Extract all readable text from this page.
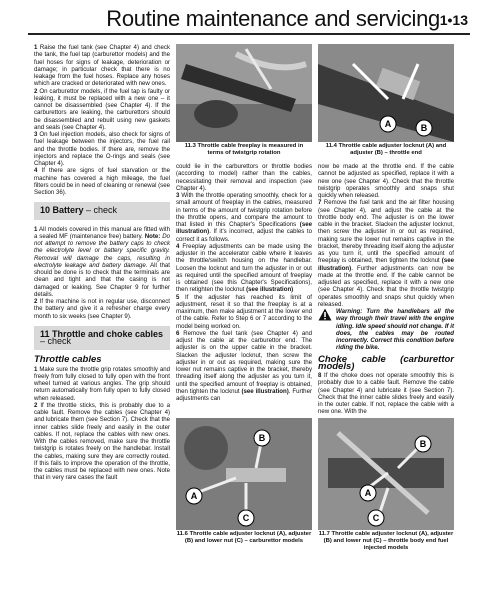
Routine maintenance and servicing 1•13

1 Raise the fuel tank (see Chapter 4) and check the tank, the fuel tap (carburettor models) and the fuel hoses for signs of leakage, deterioration or damage; in particular check that there is no leakage from the fuel hoses. Replace any hoses which are cracked or deteriorated with new ones.

2 On carburettor models, if the fuel tap is faulty or leaking, it must be replaced with a new one – it cannot be disassembled (see Chapter 4). If the carburettors are leaking, the carburettors should be disassembled and rebuilt using new gaskets and seals (see Chapter 4).

3 On fuel injection models, also check for signs of fuel leakage between the injectors, the fuel rail and the throttle bodies. If there are, remove the injectors and replace the O-rings and seals (see Chapter 4).

4 If there are signs of fuel starvation or the machine has covered a high mileage, the fuel filters could be in need of cleaning or renewal (see Section 36).

10 Battery – check

1 All models covered in this manual are fitted with a sealed MF (maintenance free) battery. Note: Do not attempt to remove the battery caps to check the electrolyte level or battery specific gravity. Removal will damage the caps, resulting in electrolyte leakage and battery damage. All that should be done is to check that the terminals are clean and tight and that the casing is not damaged or leaking. See Chapter 9 for further details.

2 If the machine is not in regular use, disconnect the battery and give it a refresher charge every month to six weeks (see Chapter 9).

11 Throttle and choke cables
– check
Throttle cables

1 Make sure the throttle grip rotates smoothly and freely from fully closed to fully open with the front wheel turned at various angles. The grip should return automatically from fully open to fully closed when released.

2 If the throttle sticks, this is probably due to a cable fault. Remove the cables (see Chapter 4) and lubricate them (see Section 7). Check that the inner cables slide freely and easily in the outer cables. If not, replace the cables with new ones. With the cables removed, make sure the throttle twistgrip is rotates freely on the handlebar. Install the cables, making sure they are correctly routed. If this fails to improve the operation of the throttle, the cables must be replaced with new ones. Note that in very rare cases the fault

11.3 Throttle cable freeplay is measured in terms of twistgrip rotation
A	B
11.4 Throttle cable adjuster locknut (A) and adjuster (B) – throttle end

could lie in the carburettors or throttle bodies (according to model) rather than the cables, necessitating their removal and inspection (see Chapter 4).

3 With the throttle operating smoothly, check for a small amount of freeplay in the cables, measured in terms of the amount of twistgrip rotation before the throttle opens, and compare the amount to that listed in this Chapter's Specifications (see illustration). If it's incorrect, adjust the cables to correct it as follows.

4 Freeplay adjustments can be made using the adjuster in the accelerator cable where it leaves the throttle/switch housing on the handlebar. Loosen the locknut and turn the adjuster in or out as required until the specified amount of freeplay is obtained (see this Chapter's Specifications), then retighten the locknut (see illustration)

5 If the adjuster has reached its limit of adjustment, reset it so that the freeplay is at a maximum, then make adjustment at the lower end of the cable. Refer to Step 6 or 7 according to the model being worked on.

6 Remove the fuel tank (see Chapter 4) and adjust the cable at the carburettor end. The adjuster is on the upper cable in the bracket. Slacken the adjuster locknut, then screw the adjuster in or out as required, making sure the lower nut remains captive in the bracket, thereby threading itself along the adjuster as you turn it, until the specified amount of freeplay is obtained, then tighten the locknut (see illustration). Further adjustments can

now be made at the throttle end. If the cable cannot be adjusted as specified, replace it with a new one (see Chapter 4). Check that the throttle twistgrip operates smoothly and snaps shut quickly when released.

7 Remove the fuel tank and the air filter housing (see Chapter 4), and adjust the cable at the throttle body end. The adjuster is on the lower cable in the bracket. Slacken the adjuster locknut, then screw the adjuster in or out as required, making sure the lower nut remains captive in the bracket, thereby threading itself along the adjuster as you turn it, until the specified amount of freeplay is obtained, then tighten the locknut (see illustration). Further adjustments can now be made at the throttle end. If the cable cannot be adjusted as specified, replace it with a new one (see Chapter 4). Check that the throttle twistgrip operates smoothly and snaps shut quickly when released.

Warning: Turn the handlebars all the way through their travel with the engine idling. Idle speed should not change. If it does, the cables may be routed incorrectly. Correct this condition before riding the bike.

Choke cable (carburettor models)

8 If the choke does not operate smoothly this is probably due to a cable fault. Remove the cable (see Chapter 4) and lubricate it (see Section 7). Check that the inner cable slides freely and easily in the outer cable. If not, replace the cable with a new one. With the

A
B
C
11.6 Throttle cable adjuster locknut (A), adjuster (B) and lower nut (C) – carburettor models
A
B
C
11.7 Throttle cable adjuster locknut (A), adjuster (B) and lower nut (C) – throttle body end fuel injected models
